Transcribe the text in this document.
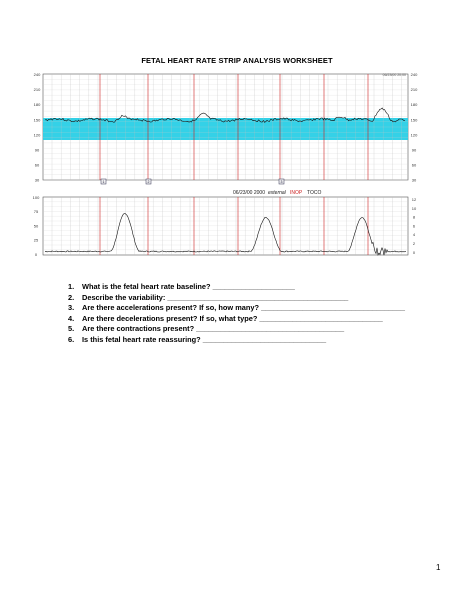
FETAL HEART RATE STRIP ANALYSIS WORKSHEET
240
210
180
150
120
90
60
30
240
210
180
150
120
90
60
30
06/23/00 20:00
1	2	3
06/23/00 2000 external INOP TOCO
100
75
50
25
0
12
10
8
6
4
2
0
1. What is the fetal heart rate baseline? ____________________
2. Describe the variability: ____________________________________________
3. Are there accelerations present? If so, how many? ___________________________________
4. Are there decelerations present? If so, what type? ______________________________
5. Are there contractions present? ____________________________________
6. Is this fetal heart rate reassuring? ______________________________
1
